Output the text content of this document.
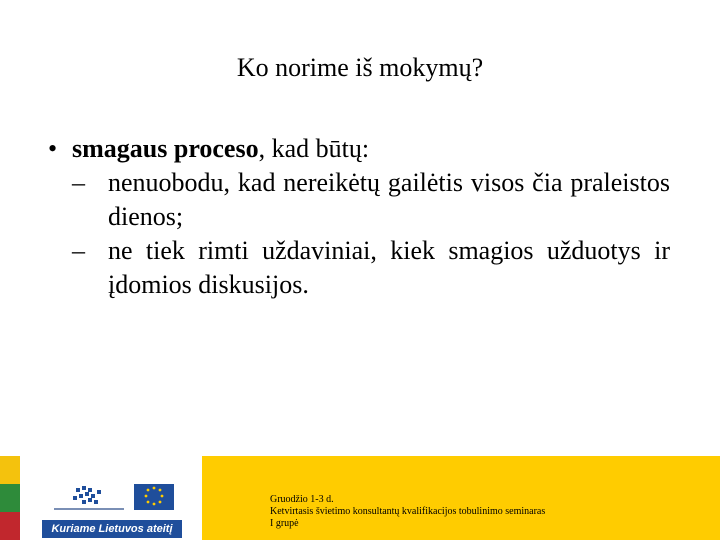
Ko norime iš mokymų?
• smagaus proceso, kad būtų:
– nenuobodu, kad nereikėtų gailėtis visos čia praleistos dienos;
– ne tiek rimti uždaviniai, kiek smagios užduotys ir įdomios diskusijos.
Kuriame Lietuvos ateitį
Gruodžio 1-3 d.
Ketvirtasis švietimo konsultantų kvalifikacijos tobulinimo seminaras
I grupė
